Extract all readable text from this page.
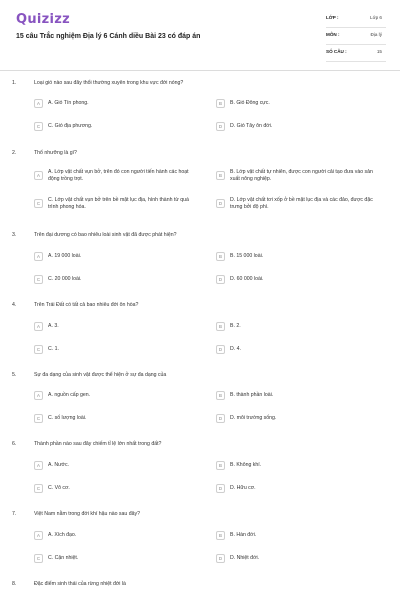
Quizizz
15 câu Trắc nghiệm Địa lý 6 Cánh diều Bài 23 có đáp án
LỚP :	Lớp 6
MÔN :	Địa lý
SỐ CÂU :	15
1.	Loại gió nào sau đây thổi thường xuyên trong khu vực đới nóng?
A	A. Gió Tín phong.	B	B. Gió Đông cực.
C	C. Gió địa phương.	D	D. Gió Tây ôn đới.
2.	Thổ nhưỡng là gì?
A
A. Lớp vật chất vụn bở, trên đó con người tiến hành các hoạt động trồng trọt.
B
B. Lớp vật chất tự nhiên, được con người cải tạo đưa vào sản xuất nông nghiệp.
C
C. Lớp vật chất vụn bở trên bề mặt lục địa, hình thành từ quá trình phong hóa.
D
D. Lớp vật chất tơi xốp ở bề mặt lục địa và các đảo, được đặc trưng bởi độ phì.
3.	Trên đại dương có bao nhiêu loài sinh vật đã được phát hiện?
A	A. 19 000 loài.	B	B. 15 000 loài.
C	C. 20 000 loài.	D	D. 60 000 loài.
4.	Trên Trái Đất có tất cả bao nhiêu đới ôn hòa?
A	A. 3.	B	B. 2.
C	C. 1.	D	D. 4.
5.	Sự đa dạng của sinh vật được thể hiện ở sự đa dạng của
A	A. nguồn cấp gen.	B	B. thành phần loài.
C	C. số lượng loài.	D	D. môi trường sống.
6.	Thành phần nào sau đây chiếm tỉ lệ lớn nhất trong đất?
A	A. Nước.	B	B. Không khí.
C	C. Vô cơ.	D	D. Hữu cơ.
7.	Việt Nam nằm trong đới khí hậu nào sau đây?
A	A. Xích đạo.	B	B. Hàn đới.
C	C. Cận nhiệt.	D	D. Nhiệt đới.
8.	Đặc điểm sinh thái của rừng nhiệt đới là
